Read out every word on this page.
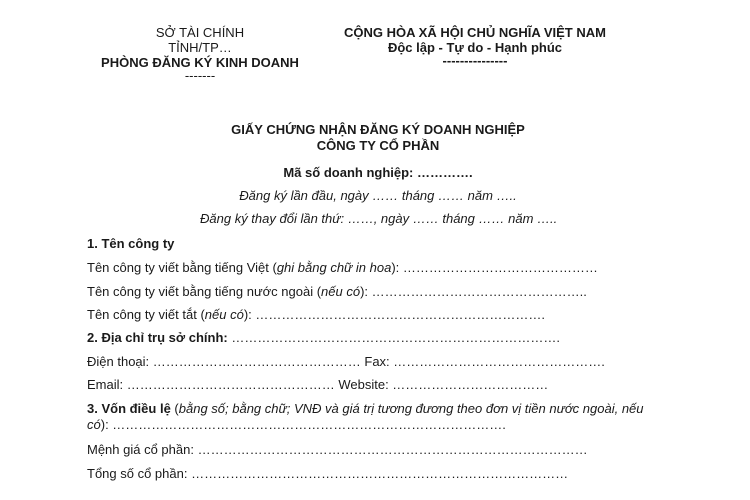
SỞ TÀI CHÍNH
TỈNH/TP…
PHÒNG ĐĂNG KÝ KINH DOANH
-------
CỘNG HÒA XÃ HỘI CHỦ NGHĨA VIỆT NAM
Độc lập - Tự do - Hạnh phúc
---------------
GIẤY CHỨNG NHẬN ĐĂNG KÝ DOANH NGHIỆP
CÔNG TY CỔ PHẦN
Mã số doanh nghiệp: ………….
Đăng ký lần đầu, ngày …… tháng …… năm …..
Đăng ký thay đổi lần thứ: ……, ngày …… tháng …… năm …..
1. Tên công ty
Tên công ty viết bằng tiếng Việt (ghi bằng chữ in hoa): ………………………………………
Tên công ty viết bằng tiếng nước ngoài (nếu có): …………………………………………..
Tên công ty viết tắt (nếu có): ………………………………………………………….
2. Địa chỉ trụ sở chính: ………………………………………………………………….
Điện thoại: ………………………………………… Fax: ………………………………………….
Email: ………………………………………… Website: ………………………………
3. Vốn điều lệ (bằng số; bằng chữ; VNĐ và giá trị tương đương theo đơn vị tiền nước ngoài, nếu có): ……………………………………………………………………………….
Mệnh giá cổ phần: ………………………………………………………………………………
Tổng số cổ phần: ……………………………………………………………………………
